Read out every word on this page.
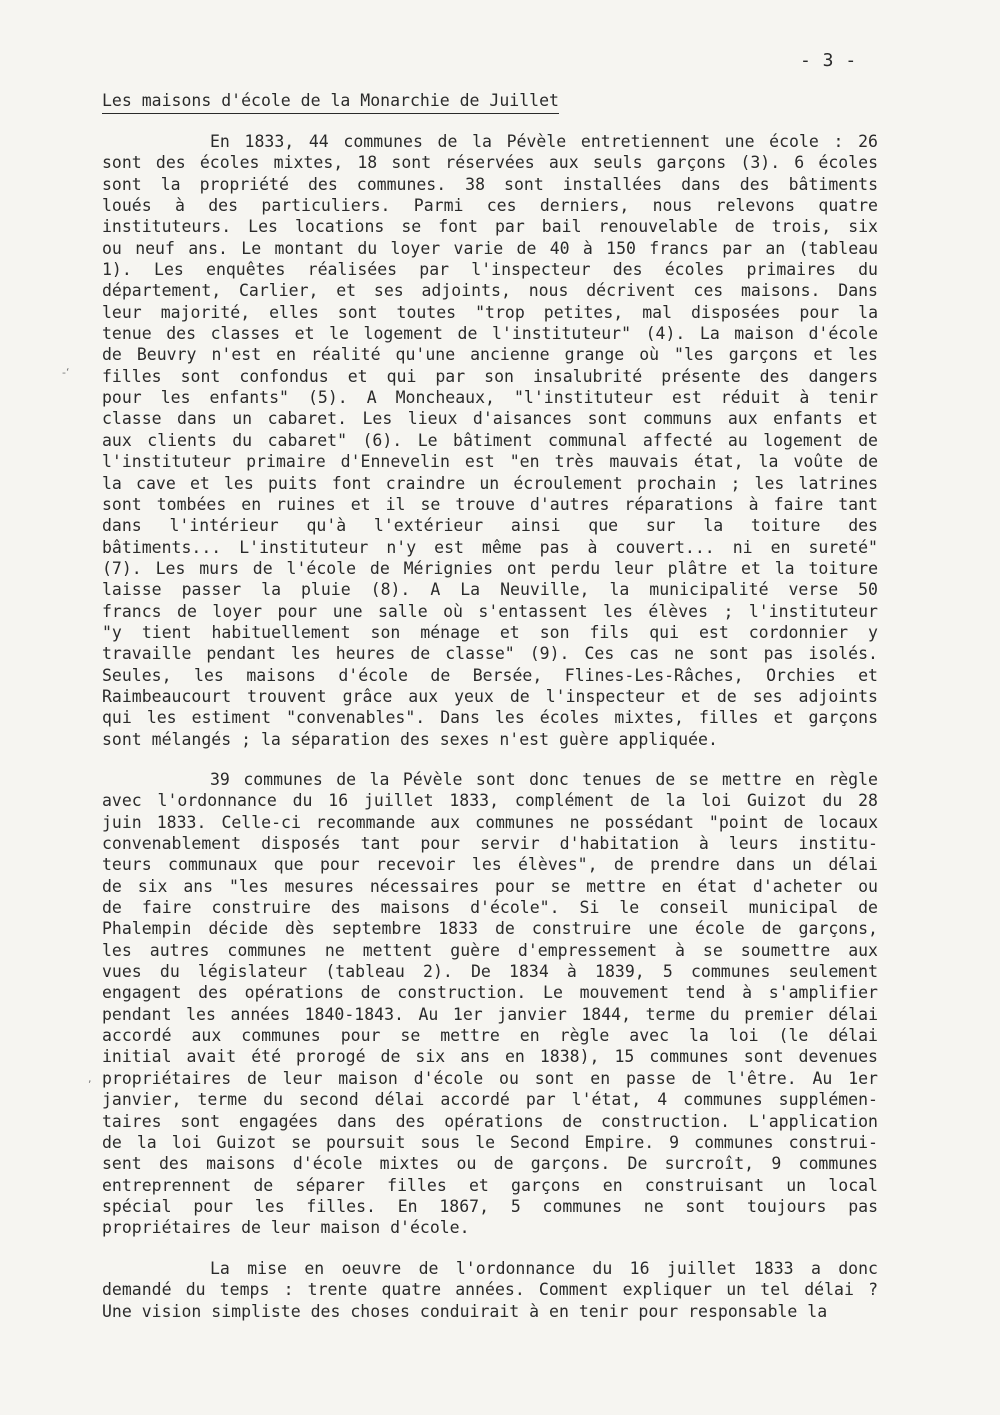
- 3 -
Les maisons d'école de la Monarchie de Juillet
En 1833, 44 communes de la Pévèle entretiennent une école : 26
sont des écoles mixtes, 18 sont réservées aux seuls garçons (3). 6 écoles
sont la propriété des communes. 38 sont installées dans des bâtiments
loués à des particuliers. Parmi ces derniers, nous relevons quatre
instituteurs. Les locations se font par bail renouvelable de trois, six
ou neuf ans. Le montant du loyer varie de 40 à 150 francs par an (tableau
1). Les enquêtes réalisées par l'inspecteur des écoles primaires du
département, Carlier, et ses adjoints, nous décrivent ces maisons. Dans
leur majorité, elles sont toutes "trop petites, mal disposées pour la
tenue des classes et le logement de l'instituteur" (4). La maison d'école
de Beuvry n'est en réalité qu'une ancienne grange où "les garçons et les
filles sont confondus et qui par son insalubrité présente des dangers
pour les enfants" (5). A Moncheaux, "l'instituteur est réduit à tenir
classe dans un cabaret. Les lieux d'aisances sont communs aux enfants et
aux clients du cabaret" (6). Le bâtiment communal affecté au logement de
l'instituteur primaire d'Ennevelin est "en très mauvais état, la voûte de
la cave et les puits font craindre un écroulement prochain ; les latrines
sont tombées en ruines et il se trouve d'autres réparations à faire tant
dans l'intérieur qu'à l'extérieur ainsi que sur la toiture des
bâtiments... L'instituteur n'y est même pas à couvert... ni en sureté"
(7). Les murs de l'école de Mérignies ont perdu leur plâtre et la toiture
laisse passer la pluie (8). A La Neuville, la municipalité verse 50
francs de loyer pour une salle où s'entassent les élèves ; l'instituteur
"y tient habituellement son ménage et son fils qui est cordonnier y
travaille pendant les heures de classe" (9). Ces cas ne sont pas isolés.
Seules, les maisons d'école de Bersée, Flines-Les-Râches, Orchies et
Raimbeaucourt trouvent grâce aux yeux de l'inspecteur et de ses adjoints
qui les estiment "convenables". Dans les écoles mixtes, filles et garçons
sont mélangés ; la séparation des sexes n'est guère appliquée.
39 communes de la Pévèle sont donc tenues de se mettre en règle
avec l'ordonnance du 16 juillet 1833, complément de la loi Guizot du 28
juin 1833. Celle-ci recommande aux communes ne possédant "point de locaux
convenablement disposés tant pour servir d'habitation à leurs institu-
teurs communaux que pour recevoir les élèves", de prendre dans un délai
de six ans "les mesures nécessaires pour se mettre en état d'acheter ou
de faire construire des maisons d'école". Si le conseil municipal de
Phalempin décide dès septembre 1833 de construire une école de garçons,
les autres communes ne mettent guère d'empressement à se soumettre aux
vues du législateur (tableau 2). De 1834 à 1839, 5 communes seulement
engagent des opérations de construction. Le mouvement tend à s'amplifier
pendant les années 1840-1843. Au 1er janvier 1844, terme du premier délai
accordé aux communes pour se mettre en règle avec la loi (le délai
initial avait été prorogé de six ans en 1838), 15 communes sont devenues
propriétaires de leur maison d'école ou sont en passe de l'être. Au 1er
janvier, terme du second délai accordé par l'état, 4 communes supplémen-
taires sont engagées dans des opérations de construction. L'application
de la loi Guizot se poursuit sous le Second Empire. 9 communes construi-
sent des maisons d'école mixtes ou de garçons. De surcroît, 9 communes
entreprennent de séparer filles et garçons en construisant un local
spécial pour les filles. En 1867, 5 communes ne sont toujours pas
propriétaires de leur maison d'école.
La mise en oeuvre de l'ordonnance du 16 juillet 1833 a donc
demandé du temps : trente quatre années. Comment expliquer un tel délai ?
Une vision simpliste des choses conduirait à en tenir pour responsable la
-‘
,
